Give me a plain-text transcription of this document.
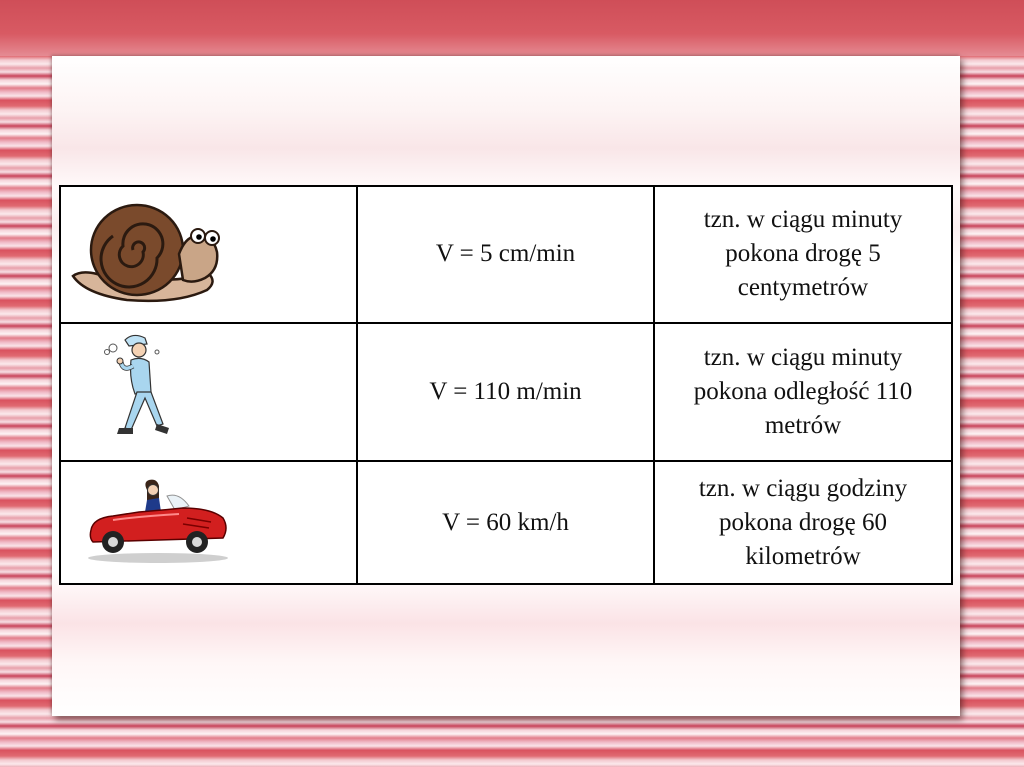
	V = 5 cm/min	tzn. w ciągu minuty pokona drogę 5 centymetrów

	V = 110 m/min	tzn. w ciągu minuty pokona odległość 110 metrów

	V = 60 km/h	tzn. w ciągu godziny pokona drogę 60 kilometrów
